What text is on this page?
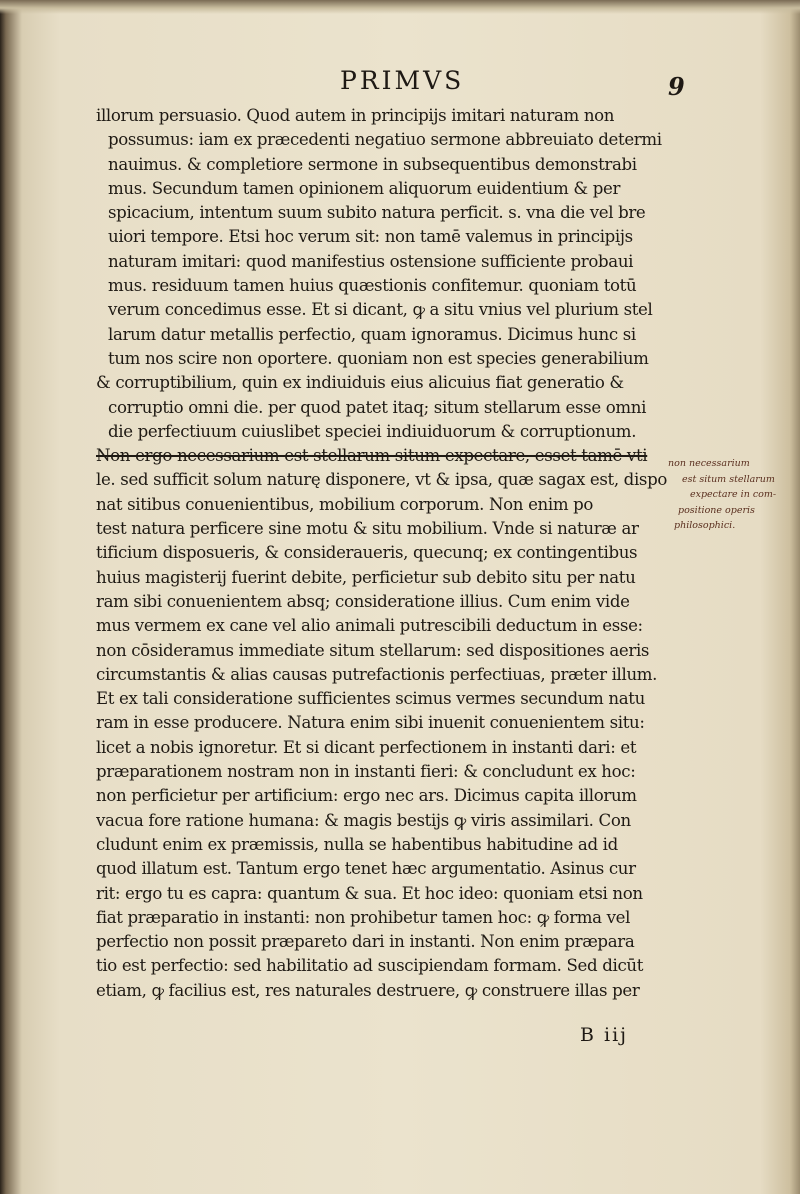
PRIMVS	9
illorum persuasio. Quod autem in principijs imitari naturam non
possumus: iam ex præcedenti negatiuo sermone abbreuiato determi
nauimus. & completiore sermone in subsequentibus demonstrabi
mus. Secundum tamen opinionem aliquorum euidentium & per
spicacium, intentum suum subito natura perficit. s. vna die vel bre
uiori tempore. Etsi hoc verum sit: non tamē valemus in principijs
naturam imitari: quod manifestius ostensione sufficiente probaui
mus. residuum tamen huius quæstionis confitemur. quoniam totū
verum concedimus esse. Et si dicant, ꝙ a situ vnius vel plurium stel
larum datur metallis perfectio, quam ignoramus. Dicimus hunc si
tum nos scire non oportere. quoniam non est species generabilium
& corruptibilium, quin ex indiuiduis eius alicuius fiat generatio &
corruptio omni die. per quod patet itaq; situm stellarum esse omni
die perfectiuum cuiuslibet speciei indiuiduorum & corruptionum.
Non ergo necessarium est stellarum situm expectare, esset tamē vti
le. sed sufficit solum naturę disponere, vt & ipsa, quæ sagax est, dispo
nat sitibus conuenientibus, mobilium corporum. Non enim po
test natura perficere sine motu & situ mobilium. Vnde si naturæ ar
tificium disposueris, & consideraueris, quecunq; ex contingentibus
huius magisterij fuerint debite, perficietur sub debito situ per natu
ram sibi conuenientem absq; consideratione illius. Cum enim vide
mus vermem ex cane vel alio animali putrescibili deductum in esse:
non cōsideramus immediate situm stellarum: sed dispositiones aeris
circumstantis & alias causas putrefactionis perfectiuas, præter illum.
Et ex tali consideratione sufficientes scimus vermes secundum natu
ram in esse producere. Natura enim sibi inuenit conuenientem situ:
licet a nobis ignoretur. Et si dicant perfectionem in instanti dari: et
præparationem nostram non in instanti fieri: & concludunt ex hoc:
non perficietur per artificium: ergo nec ars. Dicimus capita illorum
vacua fore ratione humana: & magis bestijs ꝙ viris assimilari. Con
cludunt enim ex præmissis, nulla se habentibus habitudine ad id
quod illatum est. Tantum ergo tenet hæc argumentatio. Asinus cur
rit: ergo tu es capra: quantum & sua. Et hoc ideo: quoniam etsi non
fiat præparatio in instanti: non prohibetur tamen hoc: ꝙ forma vel
perfectio non possit præpareto dari in instanti. Non enim præpara
tio est perfectio: sed habilitatio ad suscipiendam formam. Sed dicūt
etiam, ꝙ facilius est, res naturales destruere, ꝙ construere illas per
B iij
non necessarium
est situm stellarum
expectare in com-
positione operis
philosophici.
